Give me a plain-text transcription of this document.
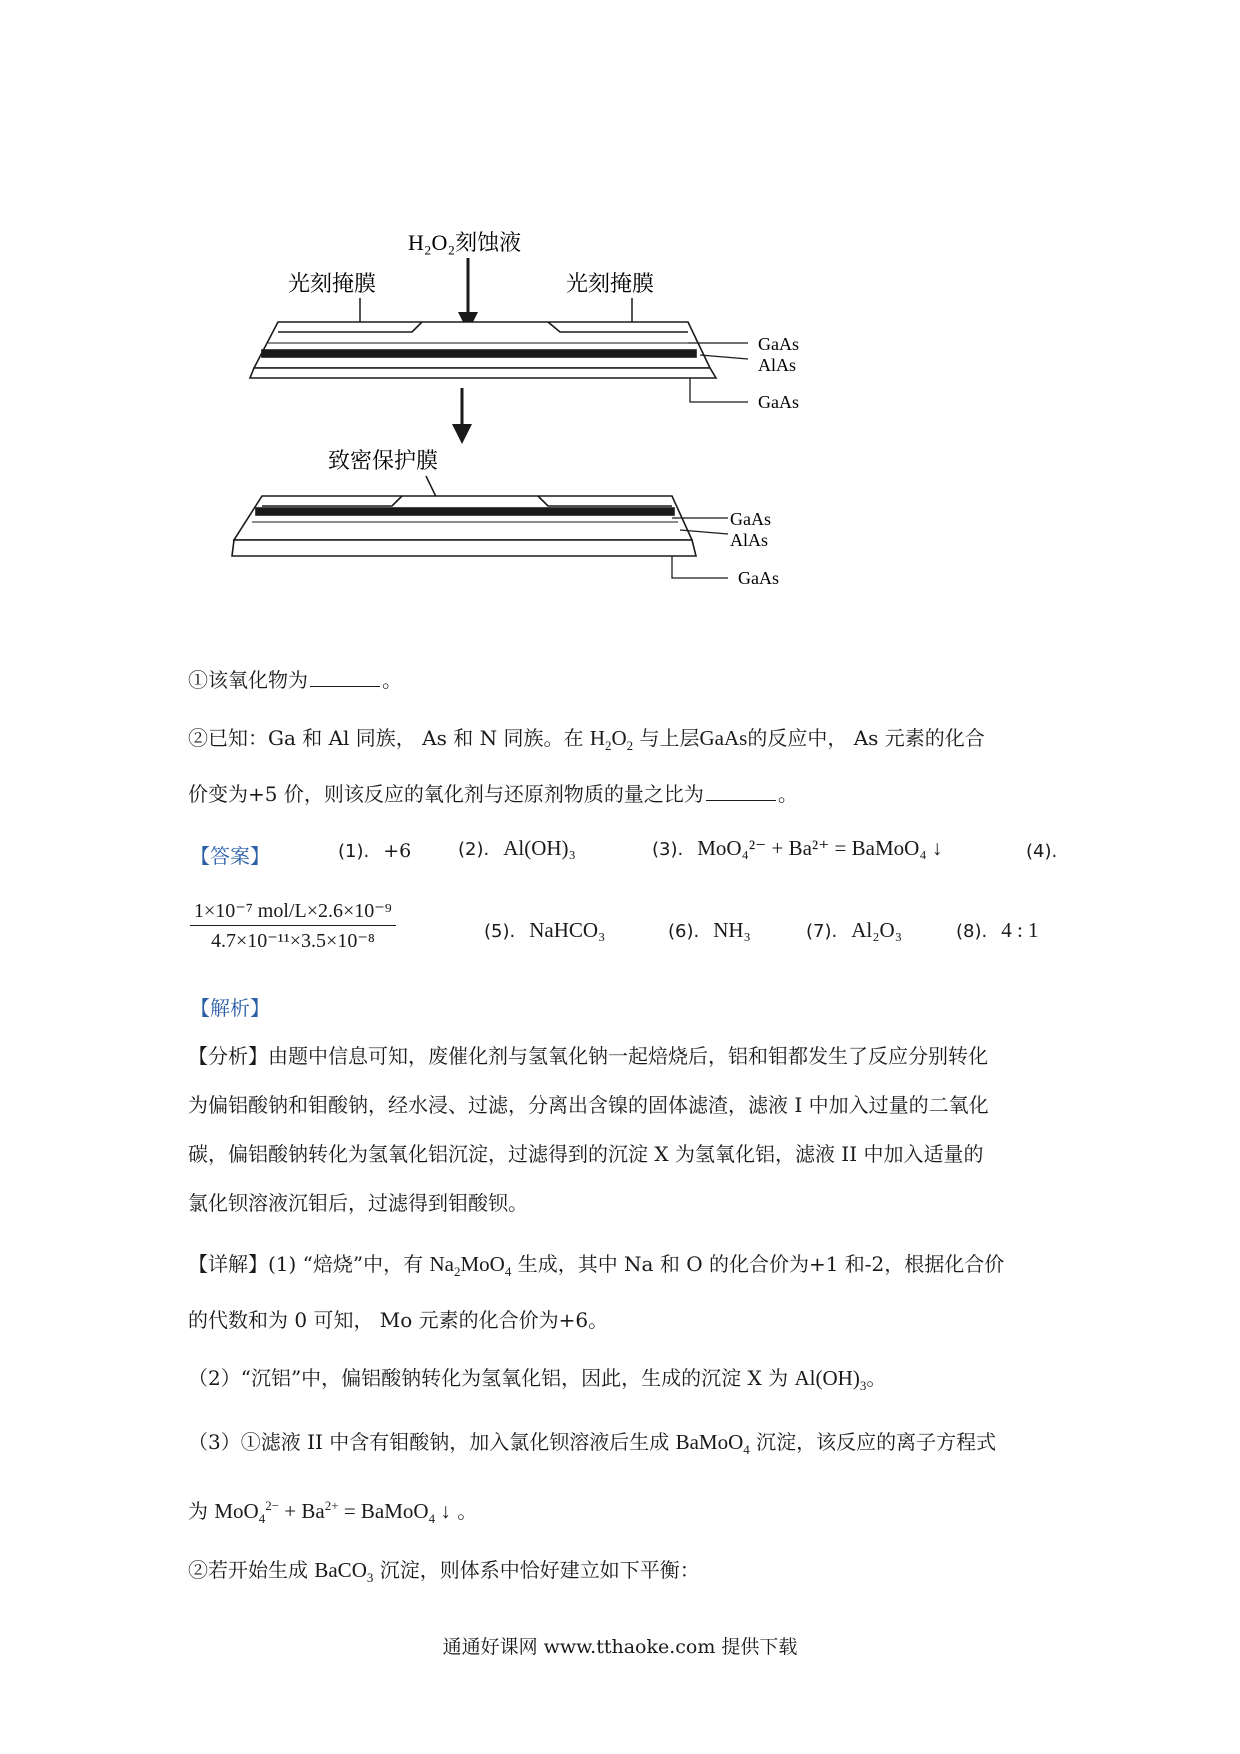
H₂O₂刻蚀液
光刻掩膜	光刻掩膜
GaAs
AlAs
GaAs
致密保护膜
GaAs
AlAs
GaAs
①该氧化物为	。
②已知：Ga 和 Al 同族， As 和 N 同族。在 $H_2O_2$ 与上层GaAs的反应中， As 元素的化合
价变为+5 价，则该反应的氧化剂与还原剂物质的量之比为	。
【答案】	(1). +6	(2). Al(OH)₃	(3). MoO₄²⁻ + Ba²⁺ = BaMoO₄ ↓	(4).
1×10⁻⁷ mol/L×2.6×10⁻⁹
4.7×10⁻¹¹×3.5×10⁻⁸	(5). NaHCO₃	(6). NH₃	(7). Al₂O₃	(8). 4 : 1
【解析】
【分析】由题中信息可知，废催化剂与氢氧化钠一起焙烧后，铝和钼都发生了反应分别转化
为偏铝酸钠和钼酸钠，经水浸、过滤，分离出含镍的固体滤渣，滤液 I 中加入过量的二氧化
碳，偏铝酸钠转化为氢氧化铝沉淀，过滤得到的沉淀 X 为氢氧化铝，滤液 II 中加入适量的
氯化钡溶液沉钼后，过滤得到钼酸钡。
【详解】(1) “焙烧”中，有 $Na_2MoO_4$ 生成，其中 Na 和 O 的化合价为+1 和-2，根据化合价
的代数和为 0 可知， Mo 元素的化合价为+6。
（2）“沉铝”中，偏铝酸钠转化为氢氧化铝，因此，生成的沉淀 X 为 $Al(OH)_3$。
（3）①滤液 II 中含有钼酸钠，加入氯化钡溶液后生成 BaMoO$_4$ 沉淀，该反应的离子方程式
为 $MoO_4^{2-} + Ba^{2+}$ = BaMoO$_4$ ↓ 。
②若开始生成 BaCO$_3$ 沉淀，则体系中恰好建立如下平衡：
通通好课网 www.tthaoke.com 提供下载
